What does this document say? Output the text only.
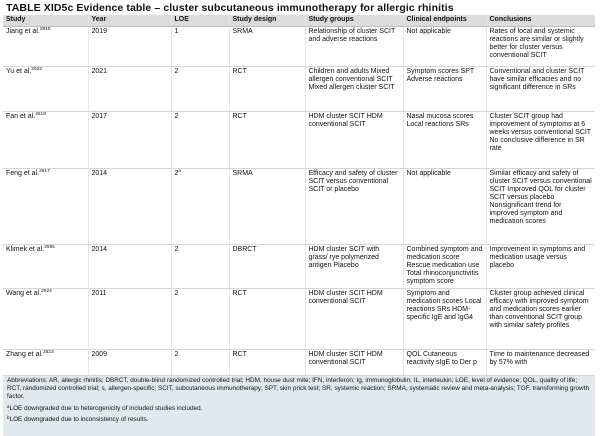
TABLE XID5c Evidence table – cluster subcutaneous immunotherapy for allergic rhinitis
Study	Year	LOE	Study design	Study groups	Clinical endpoints	Conclusions
Jiang et al.$^{2818}$	2019	1	SRMA	Relationship of cluster SCIT and adverse reactions	Not applicable	Rates of local and systemic reactions are similar or slightly better for cluster versus conventional SCIT
Yu et al.$^{2622}$	2021	2	RCT	Children and adults Mixed allergen conventional SCIT Mixed allergen cluster SCIT	Symptom scores SPT Adverse reactions	Conventional and cluster SCIT have similar efficacies and no significant difference in SRs
Fan et al.$^{2619}$	2017	2	RCT	HDM cluster SCIT HDM conventional SCIT	Nasal mucosa scores Local reactions SRs	Cluster SCIT group had improvement of symptoms at 6 weeks versus conventional SCIT No conclusive difference in SR rate
Feng et al.$^{2617}$	2014	2$^a$	SRMA	Efficacy and safety of cluster SCIT versus conventional SCIT or placebo	Not applicable	Similar efficacy and safety of cluster SCIT versus conventional SCIT Improved QOL for cluster SCIT versus placebo Nonsignificant trend for improved symptom and medication scores
Klimek et al.$^{2555}$	2014	2	DBRCT	HDM cluster SCIT with grass/ rye polymerized antigen Placebo	Combined symptom and medication score Rescue medication use Total rhinoconjunctivitis symptom score	Improvement in symptoms and medication usage versus placebo
Wang et al.$^{2624}$	2011	2	RCT	HDM cluster SCIT HDM conventional SCIT	Symptom and medication scores Local reactions SRs HDM-specific IgE and IgG4	Cluster group achieved clinical efficacy with improved symptom and medication scores earlier than conventional SCIT group with similar safety profiles
Zhang et al.$^{2623}$	2009	2	RCT	HDM cluster SCIT HDM conventional SCIT	QOL Cutaneous reactivity sIgE to Der p	Time to maintenance decreased by 57% with

Abbreviations: AR, allergic rhinitis; DBRCT, double-blind randomized controlled trial; HDM, house dust mite; IFN, interferon; Ig, immunoglobulin; IL, interleukin; LOE, level of evidence; QOL, quality of life; RCT, randomized controlled trial; s, allergen-specific; SCIT, subcutaneous immunotherapy; SPT, skin prick test; SR, systemic reaction; SRMA, systematic review and meta-analysis; TGF, transforming growth factor.

$^a$LOE downgraded due to heterogenicity of included studies included.

$^b$LOE downgraded due to inconsistency of results.
